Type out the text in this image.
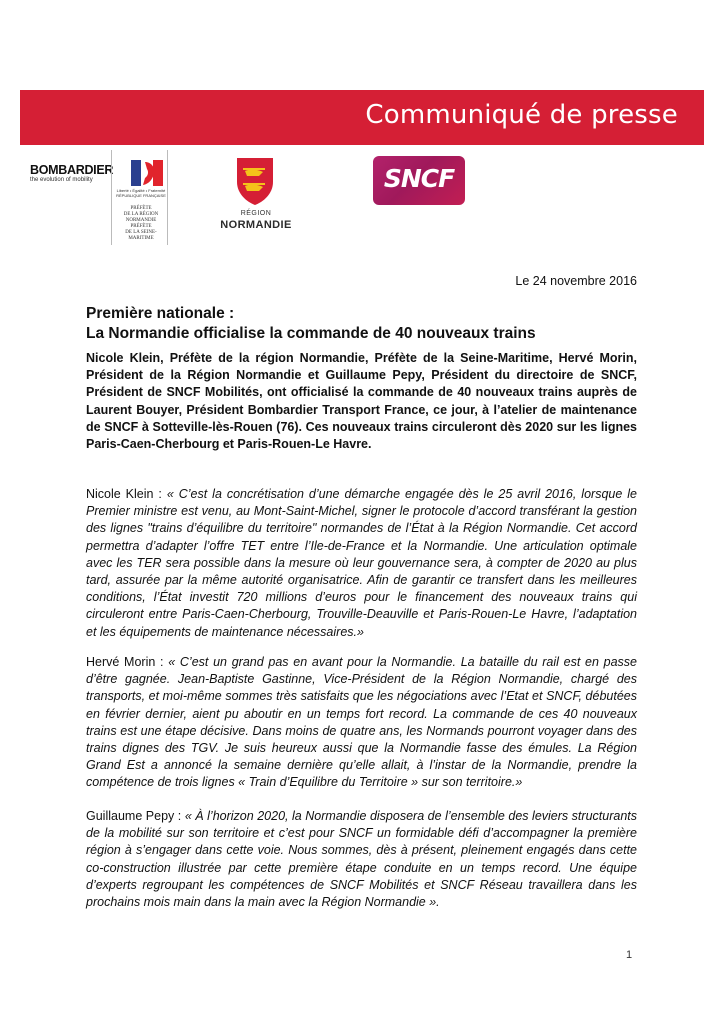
Communiqué de presse
BOMBARDIER
the evolution of mobility
Liberté • Égalité • Fraternité RÉPUBLIQUE FRANÇAISE
PRÉFÈTE
DE LA RÉGION
NORMANDIE
PRÉFÈTE
DE LA SEINE-MARITIME
RÉGION
NORMANDIE
SNCF
Le 24 novembre 2016
Première nationale :
La Normandie officialise la commande de 40 nouveaux trains

Nicole Klein, Préfète de la région Normandie, Préfète de la Seine-Maritime, Hervé Morin, Président de la Région Normandie et Guillaume Pepy, Président du directoire de SNCF, Président de SNCF Mobilités, ont officialisé la commande de 40 nouveaux trains auprès de Laurent Bouyer, Président Bombardier Transport France, ce jour, à l’atelier de maintenance de SNCF à Sotteville-lès-Rouen (76). Ces nouveaux trains circuleront dès 2020 sur les lignes Paris-Caen-Cherbourg et Paris-Rouen-Le Havre.

Nicole Klein : « C’est la concrétisation d’une démarche engagée dès le 25 avril 2016, lorsque le Premier ministre est venu, au Mont-Saint-Michel, signer le protocole d’accord transférant la gestion des lignes "trains d’équilibre du territoire" normandes de l’État à la Région Normandie. Cet accord permettra d’adapter l’offre TET entre l’Ile-de-France et la Normandie. Une articulation optimale avec les TER sera possible dans la mesure où leur gouvernance sera, à compter de 2020 au plus tard, assurée par la même autorité organisatrice. Afin de garantir ce transfert dans les meilleures conditions, l’État investit 720 millions d’euros pour le financement des nouveaux trains qui circuleront entre Paris-Caen-Cherbourg, Trouville-Deauville et Paris-Rouen-Le Havre, l’adaptation et les équipements de maintenance nécessaires.»

Hervé Morin : « C’est un grand pas en avant pour la Normandie. La bataille du rail est en passe d’être gagnée. Jean-Baptiste Gastinne, Vice-Président de la Région Normandie, chargé des transports, et moi-même sommes très satisfaits que les négociations avec l’Etat et SNCF, débutées en février dernier, aient pu aboutir en un temps fort record. La commande de ces 40 nouveaux trains est une étape décisive. Dans moins de quatre ans, les Normands pourront voyager dans des trains dignes des TGV. Je suis heureux aussi que la Normandie fasse des émules. La Région Grand Est a annoncé la semaine dernière qu’elle allait, à l’instar de la Normandie, prendre la compétence de trois lignes « Train d’Equilibre du Territoire » sur son territoire.»

Guillaume Pepy : « À l’horizon 2020, la Normandie disposera de l’ensemble des leviers structurants de la mobilité sur son territoire et c’est pour SNCF un formidable défi d’accompagner la première région à s’engager dans cette voie. Nous sommes, dès à présent, pleinement engagés dans cette co-construction illustrée par cette première étape conduite en un temps record. Une équipe d’experts regroupant les compétences de SNCF Mobilités et SNCF Réseau travaillera dans les prochains mois main dans la main avec la Région Normandie ».

1
